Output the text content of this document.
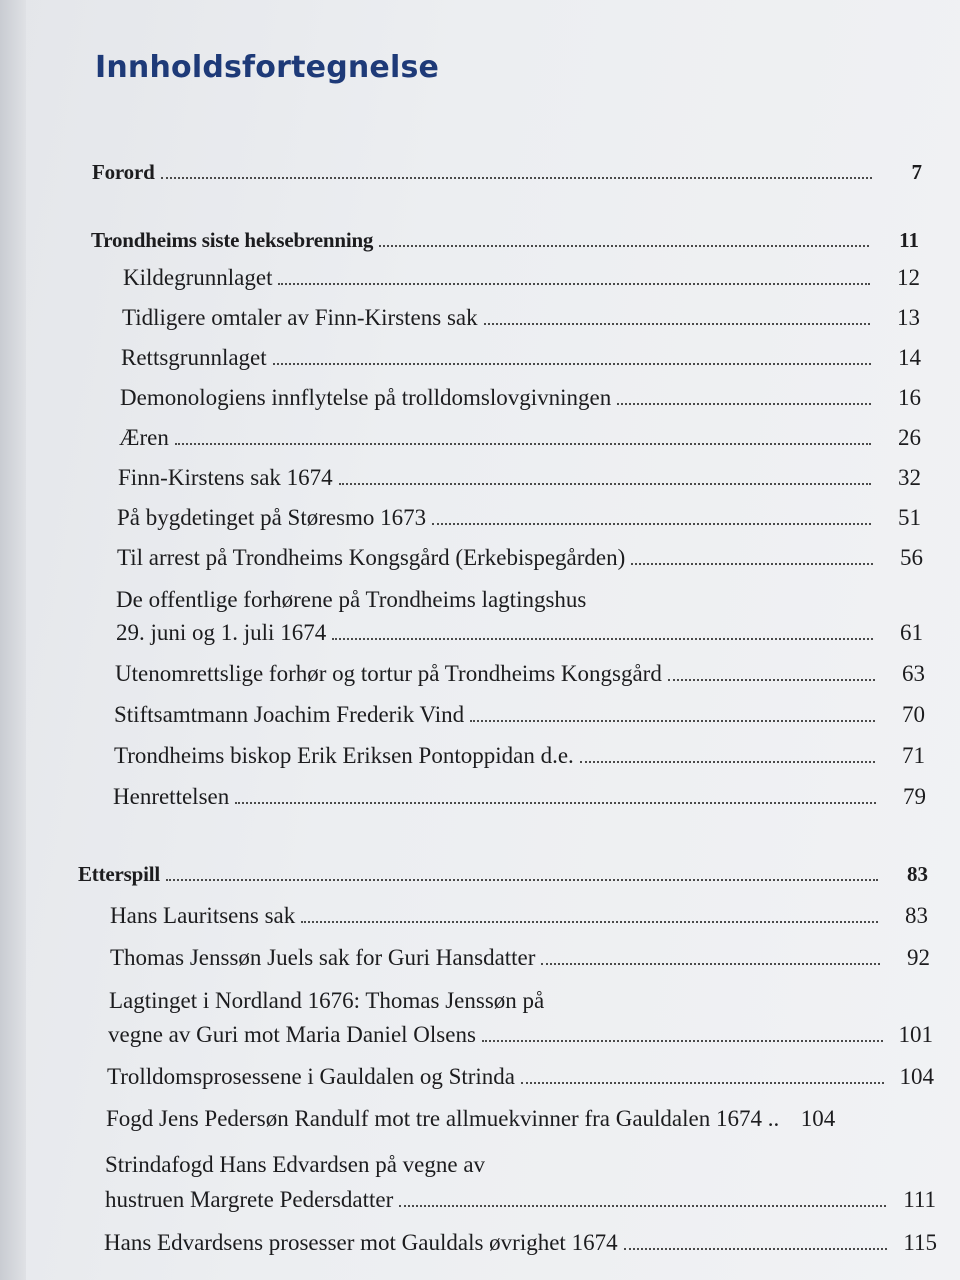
Innholdsfortegnelse
Forord	7
Trondheims siste heksebrenning	11
Kildegrunnlaget	12
Tidligere omtaler av Finn-Kirstens sak	13
Rettsgrunnlaget	14
Demonologiens innflytelse på trolldomslovgivningen	16
Æren	26
Finn-Kirstens sak 1674	32
På bygdetinget på Støresmo 1673	51
Til arrest på Trondheims Kongsgård (Erkebispegården)	56
De offentlige forhørene på Trondheims lagtingshus
29. juni og 1. juli 1674	61
Utenomrettslige forhør og tortur på Trondheims Kongsgård	63
Stiftsamtmann Joachim Frederik Vind	70
Trondheims biskop Erik Eriksen Pontoppidan d.e.	71
Henrettelsen	79
Etterspill	83
Hans Lauritsens sak	83
Thomas Jenssøn Juels sak for Guri Hansdatter	92
Lagtinget i Nordland 1676: Thomas Jenssøn på
vegne av Guri mot Maria Daniel Olsens	101
Trolldomsprosessene i Gauldalen og Strinda	104
Fogd Jens Pedersøn Randulf mot tre allmuekvinner fra Gauldalen 1674 .. 104
Strindafogd Hans Edvardsen på vegne av
hustruen Margrete Pedersdatter	111
Hans Edvardsens prosesser mot Gauldals øvrighet 1674	115
